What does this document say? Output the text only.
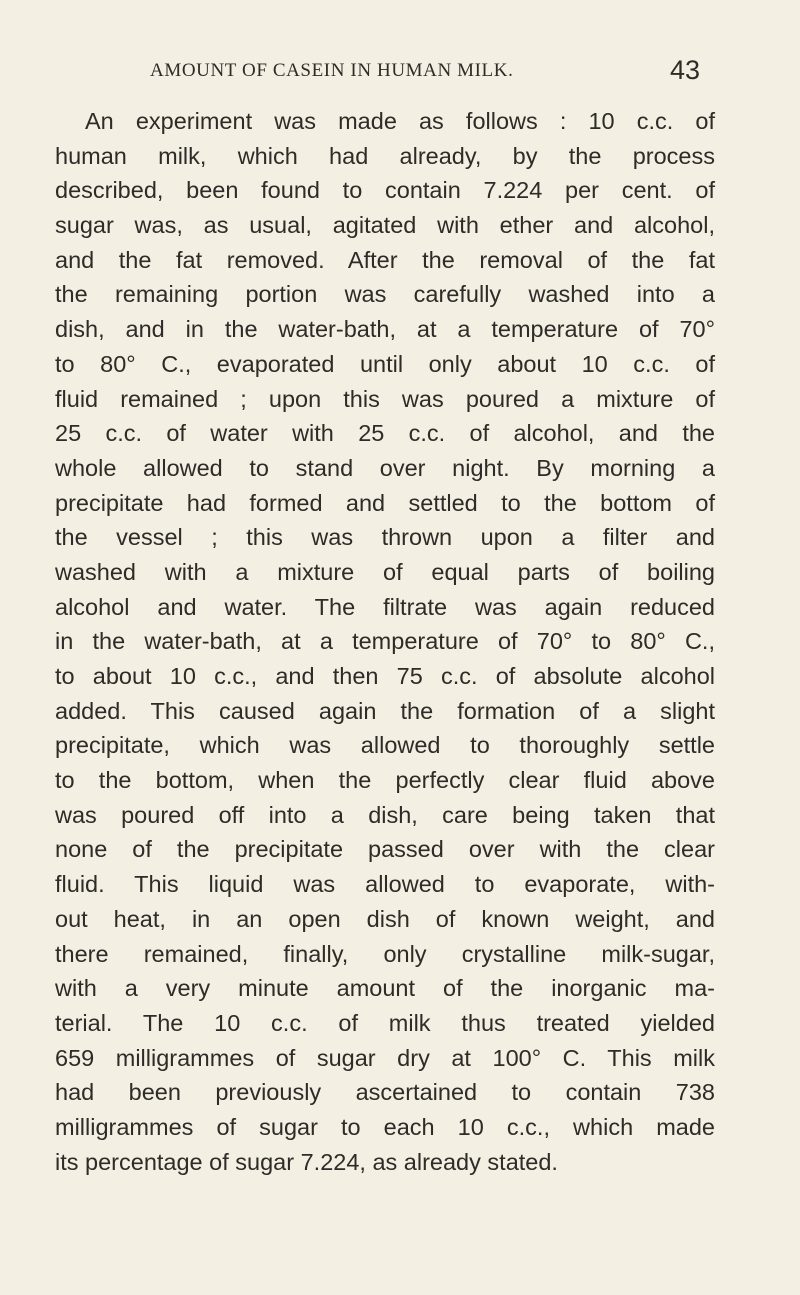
AMOUNT OF CASEIN IN HUMAN MILK.	43
An experiment was made as follows : 10 c.c. of
human milk, which had already, by the process
described, been found to contain 7.224 per cent. of
sugar was, as usual, agitated with ether and alcohol,
and the fat removed. After the removal of the fat
the remaining portion was carefully washed into a
dish, and in the water-bath, at a temperature of 70°
to 80° C., evaporated until only about 10 c.c. of
fluid remained ; upon this was poured a mixture of
25 c.c. of water with 25 c.c. of alcohol, and the
whole allowed to stand over night. By morning a
precipitate had formed and settled to the bottom of
the vessel ; this was thrown upon a filter and
washed with a mixture of equal parts of boiling
alcohol and water. The filtrate was again reduced
in the water-bath, at a temperature of 70° to 80° C.,
to about 10 c.c., and then 75 c.c. of absolute alcohol
added. This caused again the formation of a slight
precipitate, which was allowed to thoroughly settle
to the bottom, when the perfectly clear fluid above
was poured off into a dish, care being taken that
none of the precipitate passed over with the clear
fluid. This liquid was allowed to evaporate, with-
out heat, in an open dish of known weight, and
there remained, finally, only crystalline milk-sugar,
with a very minute amount of the inorganic ma-
terial. The 10 c.c. of milk thus treated yielded
659 milligrammes of sugar dry at 100° C. This milk
had been previously ascertained to contain 738
milligrammes of sugar to each 10 c.c., which made
its percentage of sugar 7.224, as already stated.
